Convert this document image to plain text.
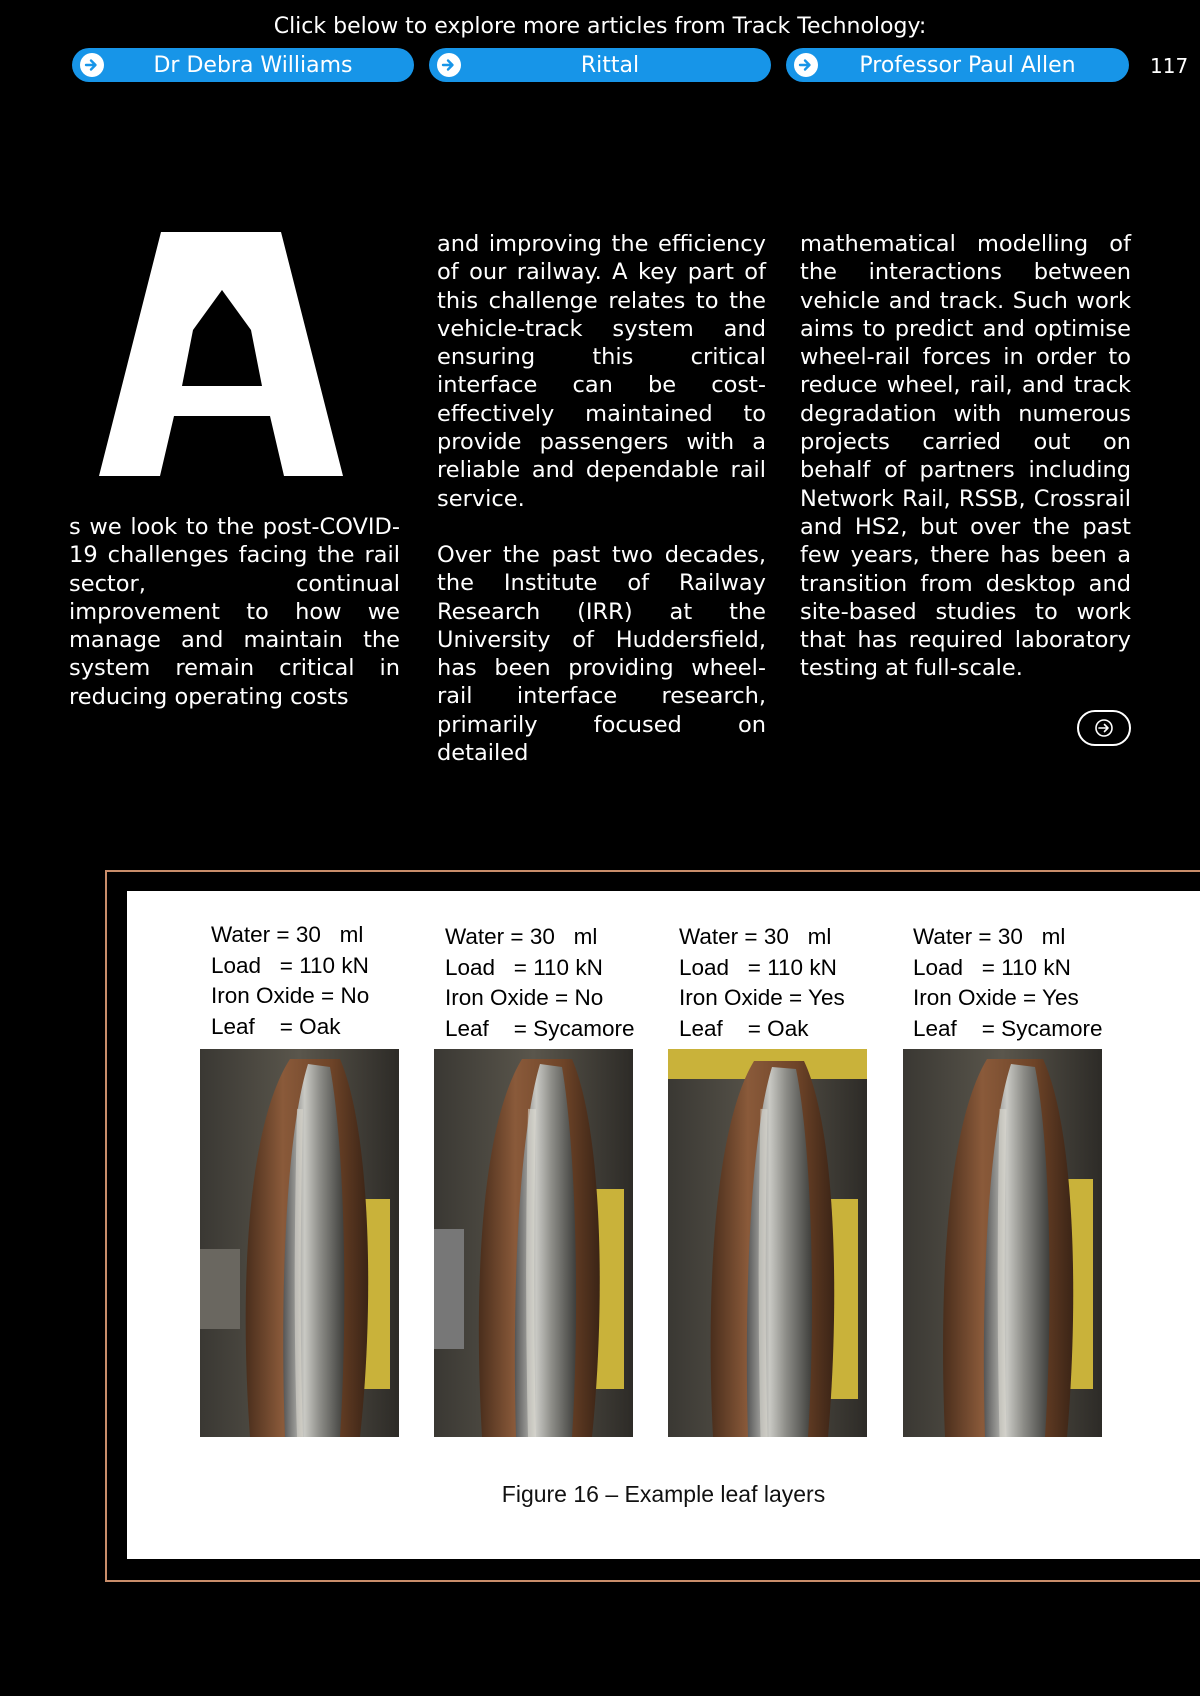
Click below to explore more articles from Track Technology:
Dr Debra Williams	Rittal	Professor Paul Allen	117

s we look to the post-COVID-19 challenges facing the rail sector, continual improvement to how we manage and maintain the system remain critical in reducing operating costs

and improving the efficiency of our railway. A key part of this challenge relates to the vehicle-track system and ensuring this critical interface can be cost-effectively maintained to provide passengers with a reliable and dependable rail service.

Over the past two decades, the Institute of Railway Research (IRR) at the University of Huddersfield, has been providing wheel-rail interface research, primarily focused on detailed

mathematical modelling of the interactions between vehicle and track. Such work aims to predict and optimise wheel-rail forces in order to reduce wheel, rail, and track degradation with numerous projects carried out on behalf of partners including Network Rail, RSSB, Crossrail and HS2, but over the past few years, there has been a transition from desktop and site-based studies to work that has required laboratory testing at full-scale.

Water = 30   ml
Load   = 110 kN
Iron Oxide = No
Leaf    = Oak
Water = 30   ml
Load   = 110 kN
Iron Oxide = No
Leaf    = Sycamore
Water = 30   ml
Load   = 110 kN
Iron Oxide = Yes
Leaf    = Oak
Water = 30   ml
Load   = 110 kN
Iron Oxide = Yes
Leaf    = Sycamore
Figure 16 – Example leaf layers
